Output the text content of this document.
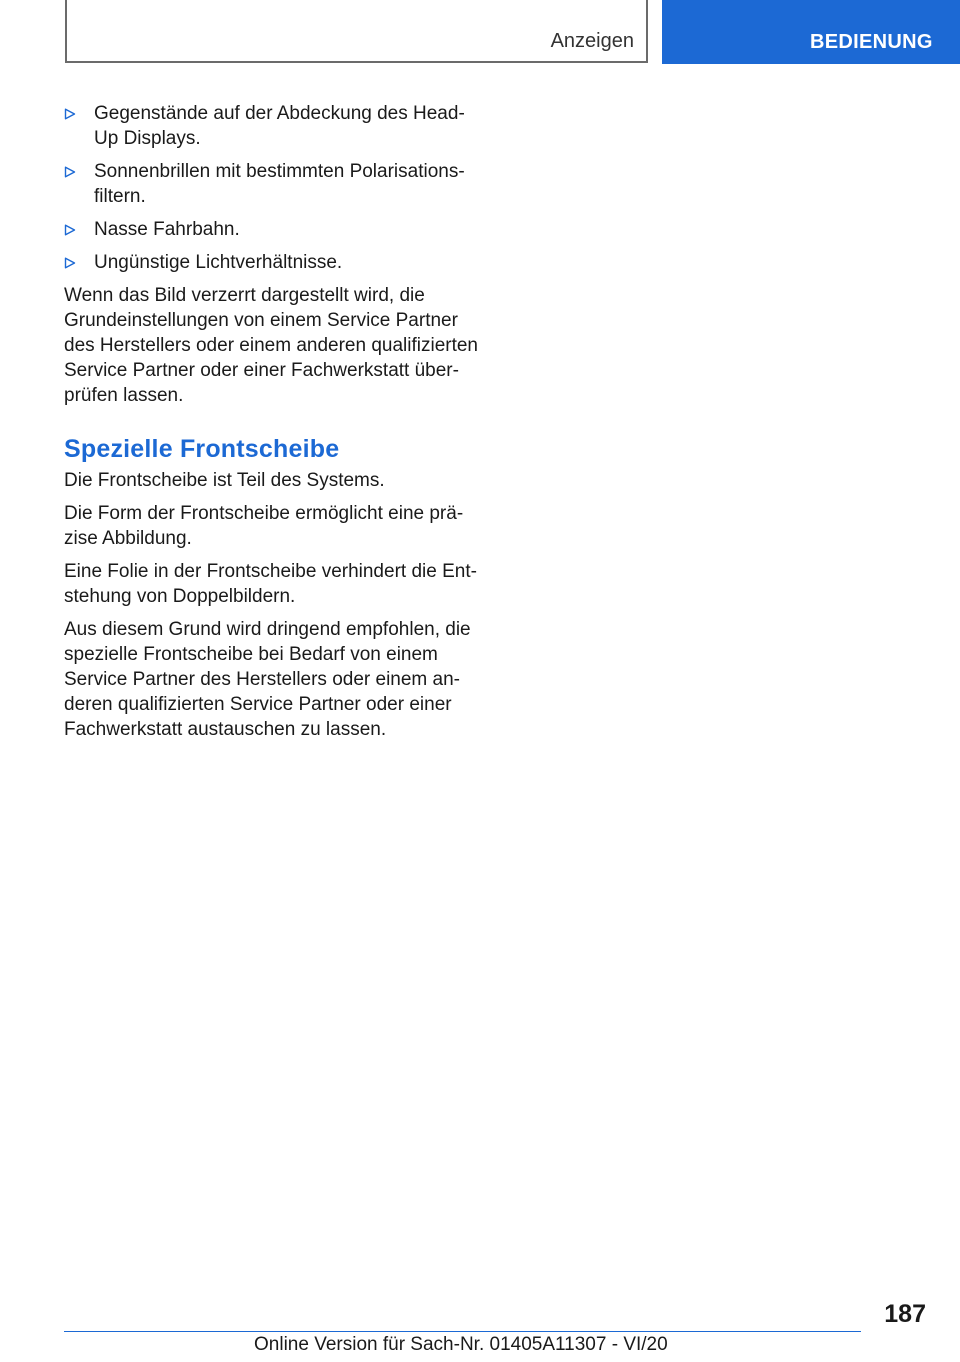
Anzeigen	BEDIENUNG
Gegenstände auf der Abdeckung des Head‐
Up Displays.
Sonnenbrillen mit bestimmten Polarisations‐
filtern.
Nasse Fahrbahn.
Ungünstige Lichtverhältnisse.

Wenn das Bild verzerrt dargestellt wird, die
Grundeinstellungen von einem Service Partner
des Herstellers oder einem anderen qualifizierten
Service Partner oder einer Fachwerkstatt über‐
prüfen lassen.

Spezielle Frontscheibe

Die Frontscheibe ist Teil des Systems.

Die Form der Frontscheibe ermöglicht eine prä‐
zise Abbildung.

Eine Folie in der Frontscheibe verhindert die Ent‐
stehung von Doppelbildern.

Aus diesem Grund wird dringend empfohlen, die
spezielle Frontscheibe bei Bedarf von einem
Service Partner des Herstellers oder einem an‐
deren qualifizierten Service Partner oder einer
Fachwerkstatt austauschen zu lassen.

187
Online Version für Sach-Nr. 01405A11307 - VI/20
